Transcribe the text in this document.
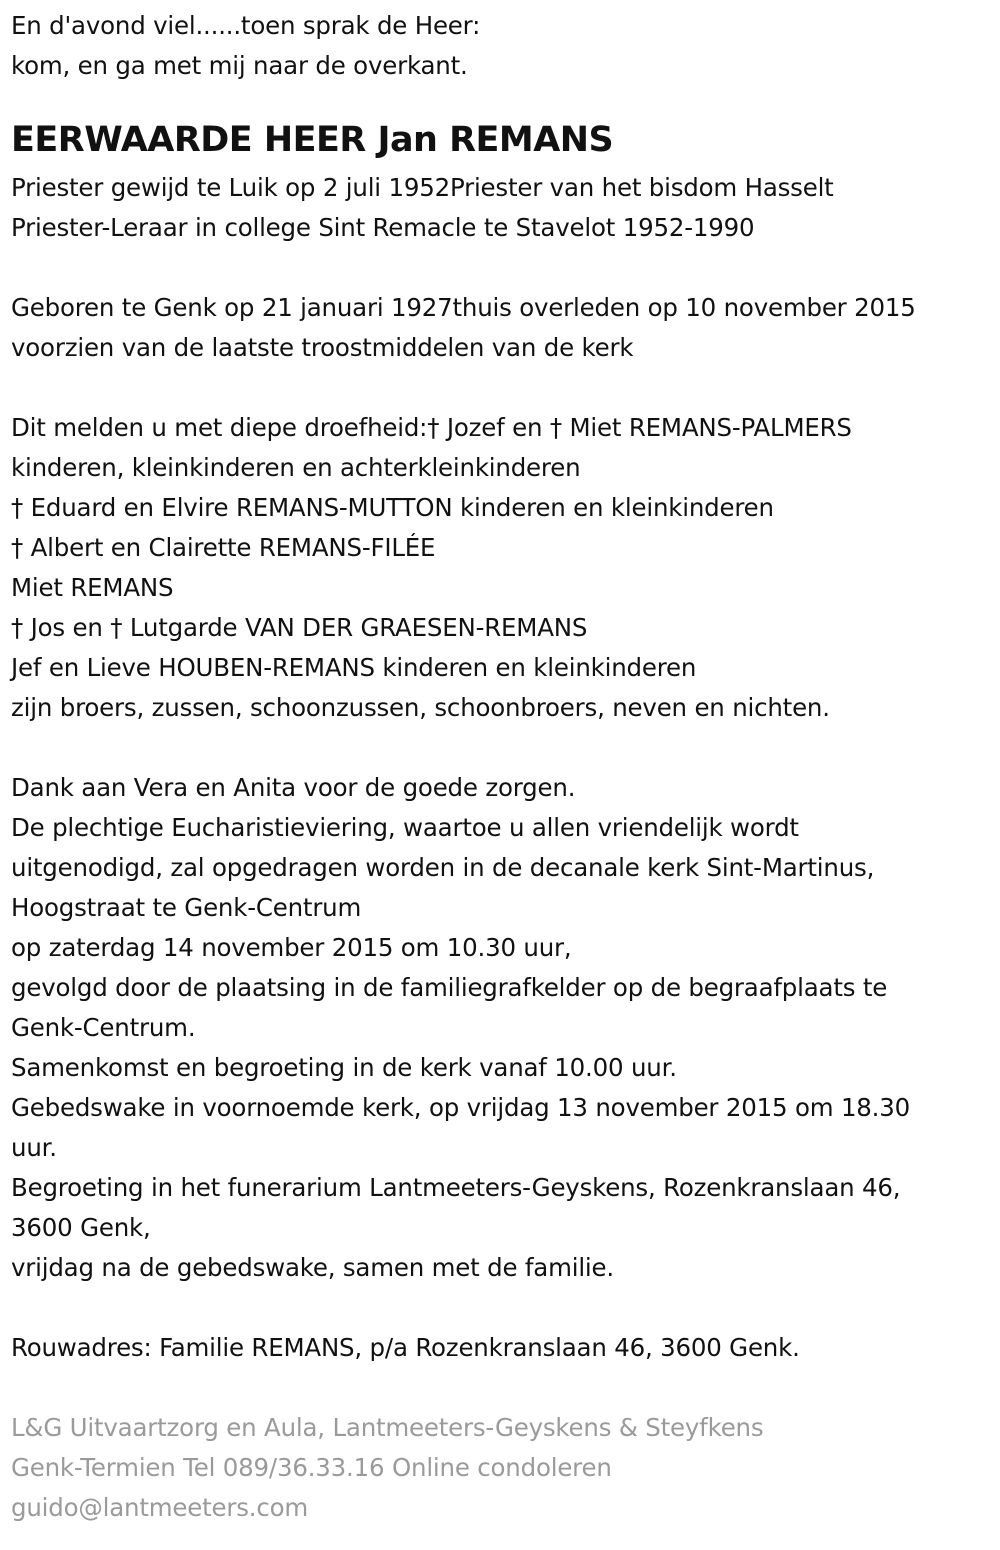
En d'avond viel......toen sprak de Heer:
kom, en ga met mij naar de overkant.
EERWAARDE HEER Jan REMANS
Priester gewijd te Luik op 2 juli 1952Priester van het bisdom Hasselt
Priester-Leraar in college Sint Remacle te Stavelot 1952-1990
Geboren te Genk op 21 januari 1927thuis overleden op 10 november 2015
voorzien van de laatste troostmiddelen van de kerk
Dit melden u met diepe droefheid:† Jozef en † Miet REMANS-PALMERS
kinderen, kleinkinderen en achterkleinkinderen
† Eduard en Elvire REMANS-MUTTON kinderen en kleinkinderen
† Albert en Clairette REMANS-FILÉE
Miet REMANS
† Jos en † Lutgarde VAN DER GRAESEN-REMANS
Jef en Lieve HOUBEN-REMANS kinderen en kleinkinderen
zijn broers, zussen, schoonzussen, schoonbroers, neven en nichten.
Dank aan Vera en Anita voor de goede zorgen.
De plechtige Eucharistieviering, waartoe u allen vriendelijk wordt
uitgenodigd, zal opgedragen worden in de decanale kerk Sint-Martinus,
Hoogstraat te Genk-Centrum
op zaterdag 14 november 2015 om 10.30 uur,
gevolgd door de plaatsing in de familiegrafkelder op de begraafplaats te
Genk-Centrum.
Samenkomst en begroeting in de kerk vanaf 10.00 uur.
Gebedswake in voornoemde kerk, op vrijdag 13 november 2015 om 18.30
uur.
Begroeting in het funerarium Lantmeeters-Geyskens, Rozenkranslaan 46,
3600 Genk,
vrijdag na de gebedswake, samen met de familie.
Rouwadres: Familie REMANS, p/a Rozenkranslaan 46, 3600 Genk.
L&G Uitvaartzorg en Aula, Lantmeeters-Geyskens & Steyfkens
Genk-Termien Tel 089/36.33.16 Online condoleren
guido@lantmeeters.com
